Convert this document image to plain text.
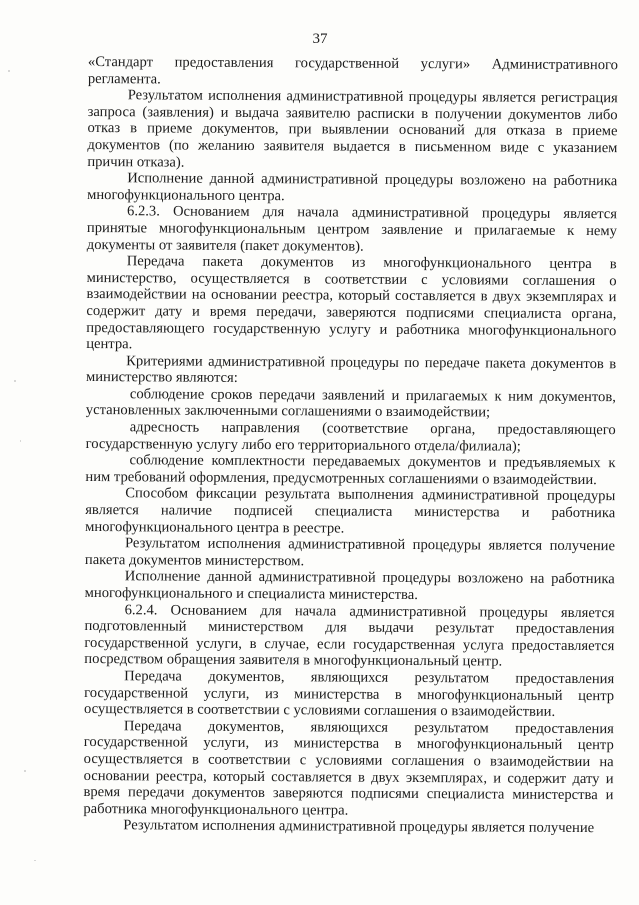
37

«Стандарт предоставления государственной услуги» Административного регламента.

Результатом исполнения административной процедуры является регистрация запроса (заявления) и выдача заявителю расписки в получении документов либо отказ в приеме документов, при выявлении оснований для отказа в приеме документов (по желанию заявителя выдается в письменном виде с указанием причин отказа).

Исполнение данной административной процедуры возложено на работника многофункционального центра.

6.2.3. Основанием для начала административной процедуры является принятые многофункциональным центром заявление и прилагаемые к нему документы от заявителя (пакет документов).

Передача пакета документов из многофункционального центра в министерство, осуществляется в соответствии с условиями соглашения о взаимодействии на основании реестра, который составляется в двух экземплярах и содержит дату и время передачи, заверяются подписями специалиста органа, предоставляющего государственную услугу и работника многофункционального центра.

Критериями административной процедуры по передаче пакета документов в министерство являются:

соблюдение сроков передачи заявлений и прилагаемых к ним документов, установленных заключенными соглашениями о взаимодействии;

адресность направления (соответствие органа, предоставляющего государственную услугу либо его территориального отдела/филиала);

соблюдение комплектности передаваемых документов и предъявляемых к ним требований оформления, предусмотренных соглашениями о взаимодействии.

Способом фиксации результата выполнения административной процедуры является наличие подписей специалиста министерства и работника многофункционального центра в реестре.

Результатом исполнения административной процедуры является получение пакета документов министерством.

Исполнение данной административной процедуры возложено на работника многофункционального и специалиста министерства.

6.2.4. Основанием для начала административной процедуры является подготовленный министерством для выдачи результат предоставления государственной услуги, в случае, если государственная услуга предоставляется посредством обращения заявителя в многофункциональный центр.

Передача документов, являющихся результатом предоставления государственной услуги, из министерства в многофункциональный центр осуществляется в соответствии с условиями соглашения о взаимодействии.

Передача документов, являющихся результатом предоставления государственной услуги, из министерства в многофункциональный центр осуществляется в соответствии с условиями соглашения о взаимодействии на основании реестра, который составляется в двух экземплярах, и содержит дату и время передачи документов заверяются подписями специалиста министерства и работника многофункционального центра.

Результатом исполнения административной процедуры является получение
